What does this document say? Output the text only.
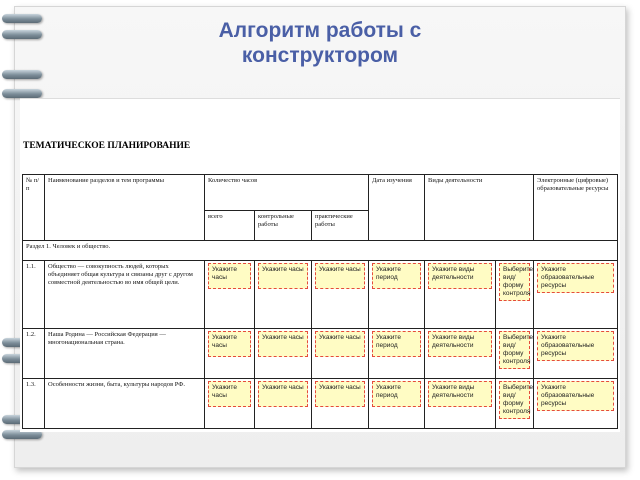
Алгоритм работы с
конструктором
ТЕМАТИЧЕСКОЕ ПЛАНИРОВАНИЕ
№ п/п	Наименование разделов и тем программы	Количество часов			Дата изучения	Виды деятельности		Электронные (цифровые) образовательные ресурсы
		всего	контрольные работы	практические работы				
Раздел 1. Человек и общество.								
1.1.	Общество — совокупность людей, которых объединяет общая культура и связаны друг с другом совместной деятельностью во имя общей цели.	Укажите часы	Укажите часы	Укажите часы	Укажите период	Укажите виды деятельности	Выберите вид/форму контроля	Укажите образовательные ресурсы

1.2.	Наша Родина — Российская Федерация — многонациональная страна.	Укажите часы	Укажите часы	Укажите часы	Укажите период	Укажите виды деятельности	Выберите вид/форму контроля	Укажите образовательные ресурсы

1.3.	Особенности жизни, быта, культуры народов РФ.	Укажите часы	Укажите часы	Укажите часы	Укажите период	Укажите виды деятельности	Выберите вид/форму контроля	Укажите образовательные ресурсы
